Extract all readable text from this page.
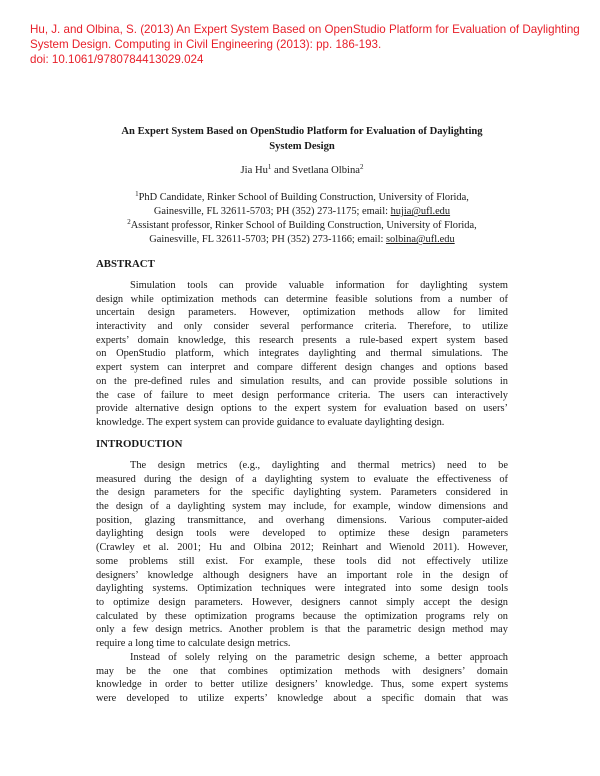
Hu, J. and Olbina, S. (2013) An Expert System Based on OpenStudio Platform for Evaluation of Daylighting
System Design. Computing in Civil Engineering (2013): pp. 186-193.
doi: 10.1061/9780784413029.024
An Expert System Based on OpenStudio Platform for Evaluation of Daylighting
System Design
Jia Hu$^1$ and Svetlana Olbina$^2$
$^1$PhD Candidate, Rinker School of Building Construction, University of Florida,
Gainesville, FL 32611-5703; PH (352) 273-1175; email: hujia@ufl.edu
$^2$Assistant professor, Rinker School of Building Construction, University of Florida,
Gainesville, FL 32611-5703; PH (352) 273-1166; email: solbina@ufl.edu
ABSTRACT
Simulation tools can provide valuable information for daylighting system
design while optimization methods can determine feasible solutions from a number of
uncertain design parameters. However, optimization methods allow for limited
interactivity and only consider several performance criteria. Therefore, to utilize
experts’ domain knowledge, this research presents a rule-based expert system based
on OpenStudio platform, which integrates daylighting and thermal simulations. The
expert system can interpret and compare different design changes and options based
on the pre-defined rules and simulation results, and can provide possible solutions in
the case of failure to meet design performance criteria. The users can interactively
provide alternative design options to the expert system for evaluation based on users’
knowledge. The expert system can provide guidance to evaluate daylighting design.
INTRODUCTION
The design metrics (e.g., daylighting and thermal metrics) need to be
measured during the design of a daylighting system to evaluate the effectiveness of
the design parameters for the specific daylighting system. Parameters considered in
the design of a daylighting system may include, for example, window dimensions and
position, glazing transmittance, and overhang dimensions. Various computer-aided
daylighting design tools were developed to optimize these design parameters
(Crawley et al. 2001; Hu and Olbina 2012; Reinhart and Wienold 2011). However,
some problems still exist. For example, these tools did not effectively utilize
designers’ knowledge although designers have an important role in the design of
daylighting systems. Optimization techniques were integrated into some design tools
to optimize design parameters. However, designers cannot simply accept the design
calculated by these optimization programs because the optimization programs rely on
only a few design metrics. Another problem is that the parametric design method may
require a long time to calculate design metrics.
Instead of solely relying on the parametric design scheme, a better approach
may be the one that combines optimization methods with designers’ domain
knowledge in order to better utilize designers’ knowledge. Thus, some expert systems
were developed to utilize experts’ knowledge about a specific domain that was
